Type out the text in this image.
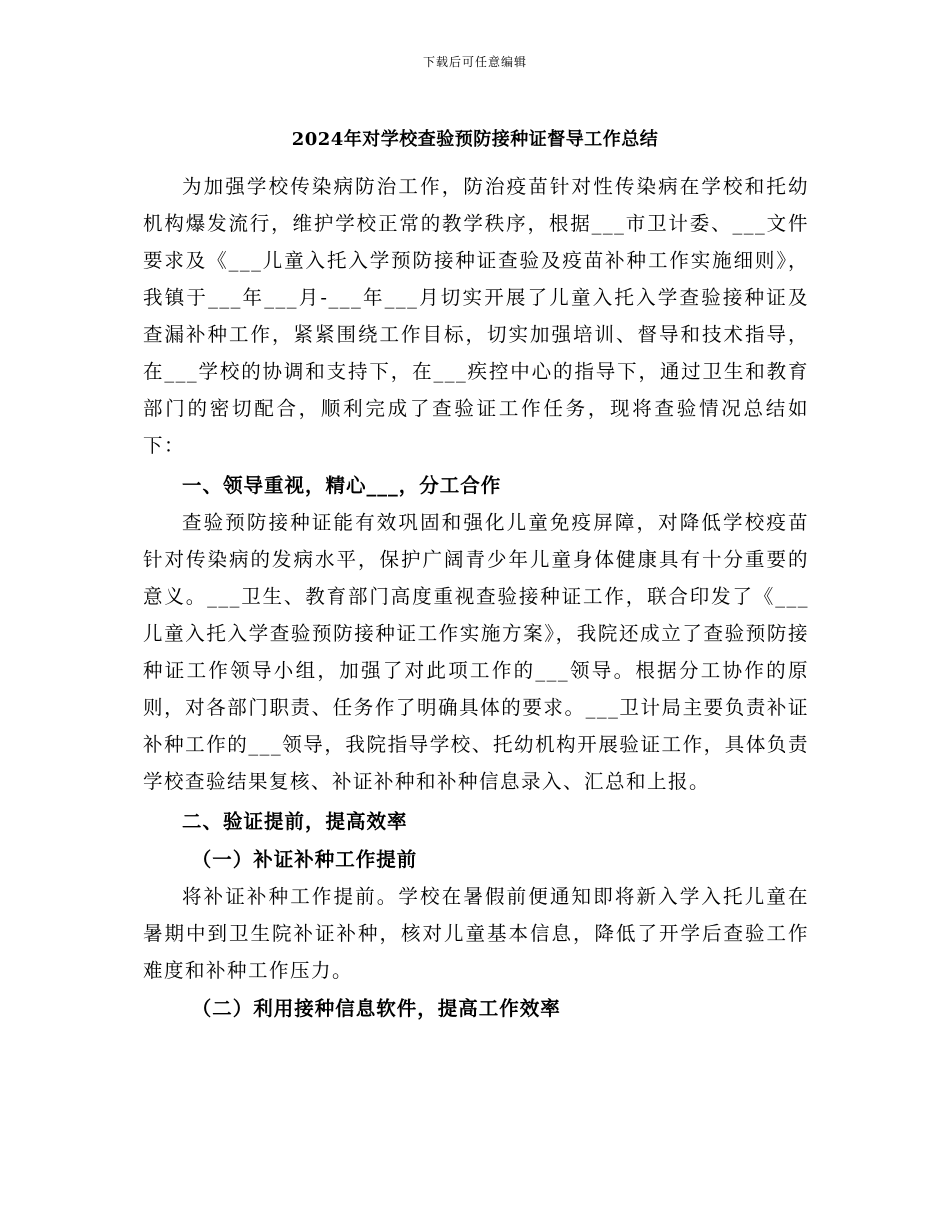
下载后可任意编辑
2024年对学校查验预防接种证督导工作总结

为加强学校传染病防治工作，防治疫苗针对性传染病在学校和托幼机构爆发流行，维护学校正常的教学秩序，根据___市卫计委、___文件要求及《___儿童入托入学预防接种证查验及疫苗补种工作实施细则》，我镇于___年___月-___年___月切实开展了儿童入托入学查验接种证及查漏补种工作，紧紧围绕工作目标，切实加强培训、督导和技术指导，在___学校的协调和支持下，在___疾控中心的指导下，通过卫生和教育部门的密切配合，顺利完成了查验证工作任务，现将查验情况总结如下：

一、领导重视，精心___，分工合作

查验预防接种证能有效巩固和强化儿童免疫屏障，对降低学校疫苗针对传染病的发病水平，保护广阔青少年儿童身体健康具有十分重要的意义。___卫生、教育部门高度重视查验接种证工作，联合印发了《___儿童入托入学查验预防接种证工作实施方案》，我院还成立了查验预防接种证工作领导小组，加强了对此项工作的___领导。根据分工协作的原则，对各部门职责、任务作了明确具体的要求。___卫计局主要负责补证补种工作的___领导，我院指导学校、托幼机构开展验证工作，具体负责学校查验结果复核、补证补种和补种信息录入、汇总和上报。

二、验证提前，提高效率

（一）补证补种工作提前

将补证补种工作提前。学校在暑假前便通知即将新入学入托儿童在暑期中到卫生院补证补种，核对儿童基本信息，降低了开学后查验工作难度和补种工作压力。

（二）利用接种信息软件，提高工作效率
